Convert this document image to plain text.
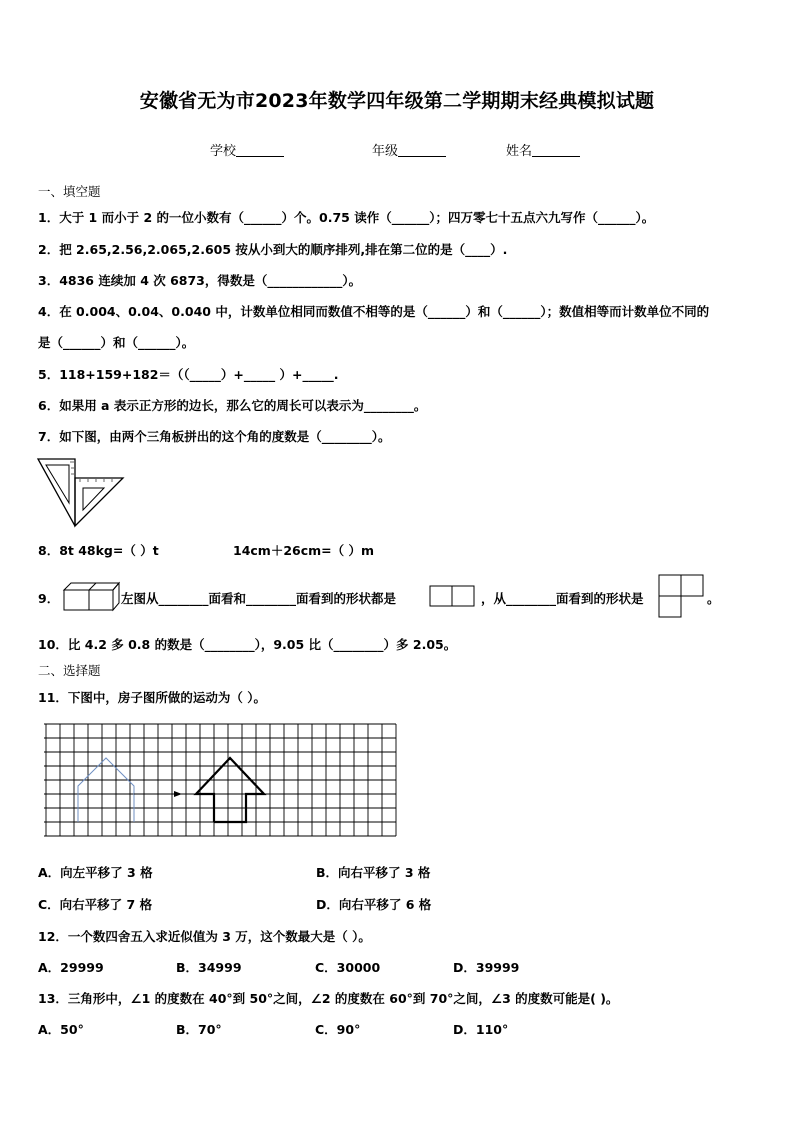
安徽省无为市2023年数学四年级第二学期期末经典模拟试题
学校	年级	姓名
一、填空题
1．大于 1 而小于 2 的一位小数有（______）个。0.75 读作（______）；四万零七十五点六九写作（______）。
2．把 2.65,2.56,2.065,2.605 按从小到大的顺序排列,排在第二位的是（____）.
3．4836 连续加 4 次 6873，得数是（____________）。
4．在 0.004、0.04、0.040 中，计数单位相同而数值不相等的是（______）和（______）；数值相等而计数单位不同的
是（______）和（______）。
5．118+159+182＝（（_____）+_____ ）+_____.
6．如果用 a 表示正方形的边长，那么它的周长可以表示为________。
7．如下图，由两个三角板拼出的这个角的度数是（________）。
8．8t 48kg=（ ）t	14cm＋26cm=（ ）m
9．	左图从________面看和________面看到的形状都是	，从________面看到的形状是	。
10．比 4.2 多 0.8 的数是（________），9.05 比（________）多 2.05。
二、选择题
11．下图中，房子图所做的运动为（ ）。
A．向左平移了 3 格	B．向右平移了 3 格
C．向右平移了 7 格	D．向右平移了 6 格
12．一个数四舍五入求近似值为 3 万，这个数最大是（ ）。
A．29999	B．34999	C．30000	D．39999
13．三角形中，∠1 的度数在 40°到 50°之间，∠2 的度数在 60°到 70°之间，∠3 的度数可能是( )。
A．50°	B．70°	C．90°	D．110°
